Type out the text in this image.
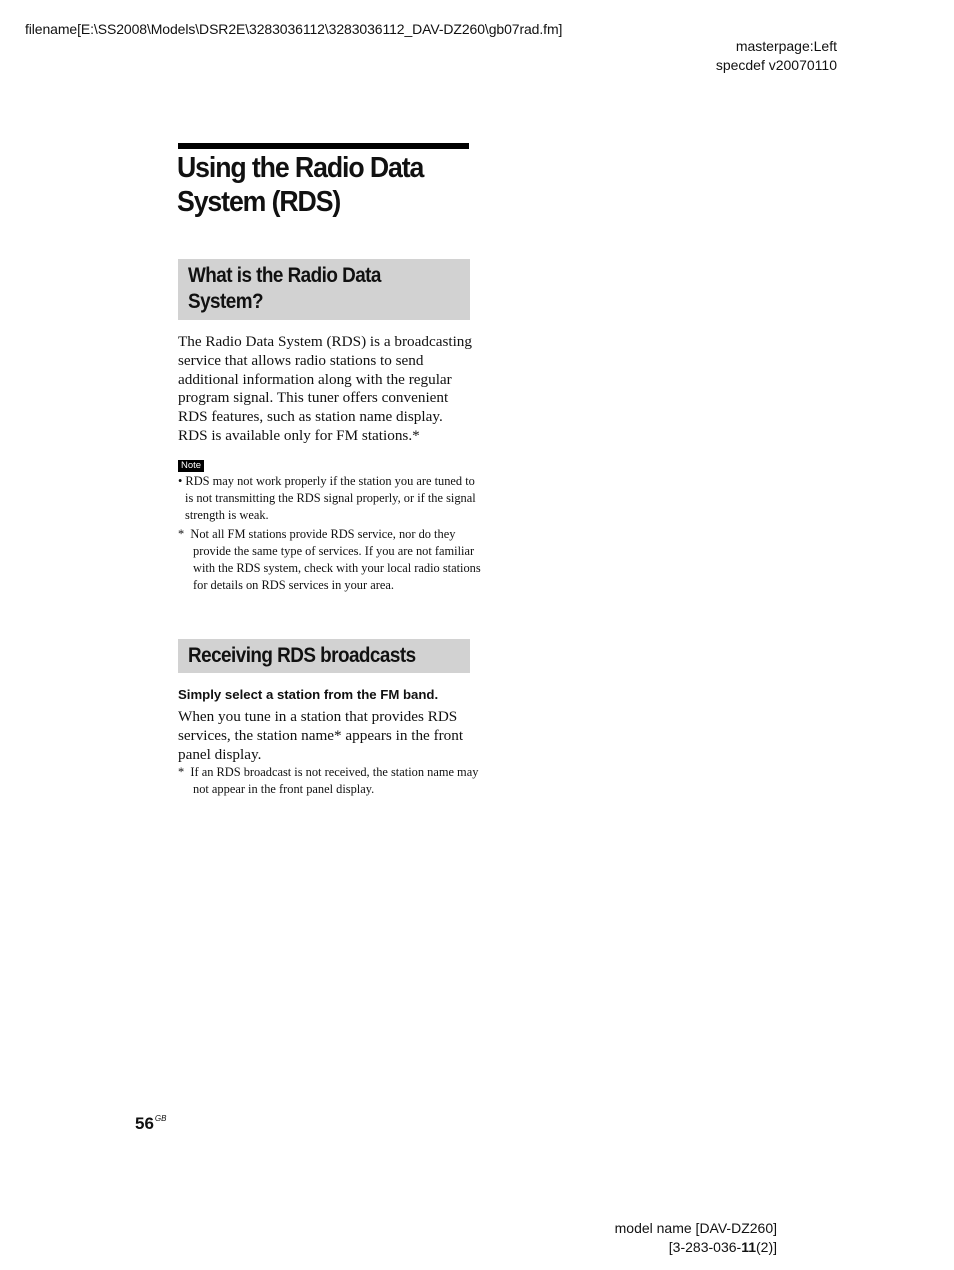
filename[E:\SS2008\Models\DSR2E\3283036112\3283036112_DAV-DZ260\gb07rad.fm]
masterpage:Left
specdef v20070110
Using the Radio Data System (RDS)
What is the Radio Data System?
The Radio Data System (RDS) is a broadcasting service that allows radio stations to send additional information along with the regular program signal. This tuner offers convenient RDS features, such as station name display. RDS is available only for FM stations.*
Note
• RDS may not work properly if the station you are tuned to is not transmitting the RDS signal properly, or if the signal strength is weak.
*  Not all FM stations provide RDS service, nor do they provide the same type of services. If you are not familiar with the RDS system, check with your local radio stations for details on RDS services in your area.
Receiving RDS broadcasts
Simply select a station from the FM band.
When you tune in a station that provides RDS services, the station name* appears in the front panel display.
*  If an RDS broadcast is not received, the station name may not appear in the front panel display.
$56^{GB}$
model name [DAV-DZ260]
[3-283-036-11(2)]
